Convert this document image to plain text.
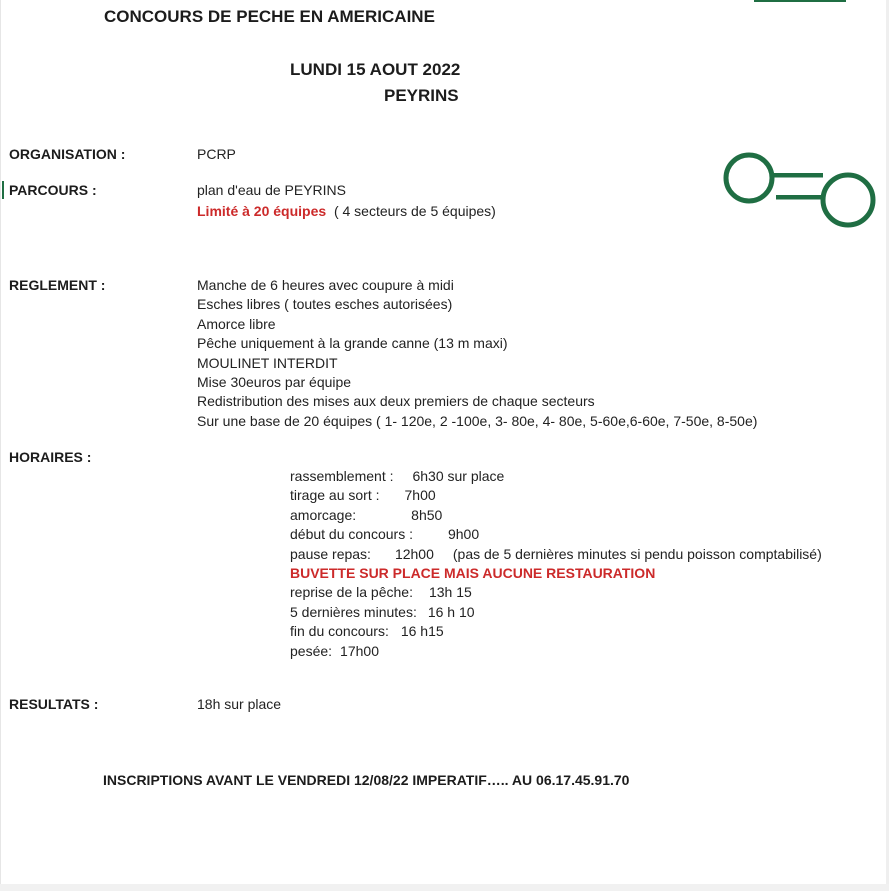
CONCOURS DE PECHE EN AMERICAINE
LUNDI 15 AOUT 2022
PEYRINS
ORGANISATION :	PCRP
PARCOURS :	plan d'eau de PEYRINS
Limité à 20 équipes ( 4 secteurs de 5 équipes)
REGLEMENT :	Manche de 6 heures avec coupure à midi
Esches libres ( toutes esches autorisées)
Amorce libre
Pêche uniquement à la grande canne (13 m maxi)
MOULINET INTERDIT
Mise 30euros par équipe
Redistribution des mises aux deux premiers de chaque secteurs
Sur une base de 20 équipes ( 1- 120e, 2 -100e, 3- 80e, 4- 80e, 5-60e,6-60e, 7-50e, 8-50e)
HORAIRES :
rassemblement : 6h30 sur place
tirage au sort : 7h00
amorcage:	8h50
début du concours :	9h00
pause repas: 12h00 (pas de 5 dernières minutes si pendu poisson comptabilisé)
BUVETTE SUR PLACE MAIS AUCUNE RESTAURATION
reprise de la pêche: 13h 15
5 dernières minutes: 16 h 10
fin du concours: 16 h15
pesée: 17h00
RESULTATS :	18h sur place
INSCRIPTIONS AVANT LE VENDREDI 12/08/22 IMPERATIF….. AU 06.17.45.91.70
